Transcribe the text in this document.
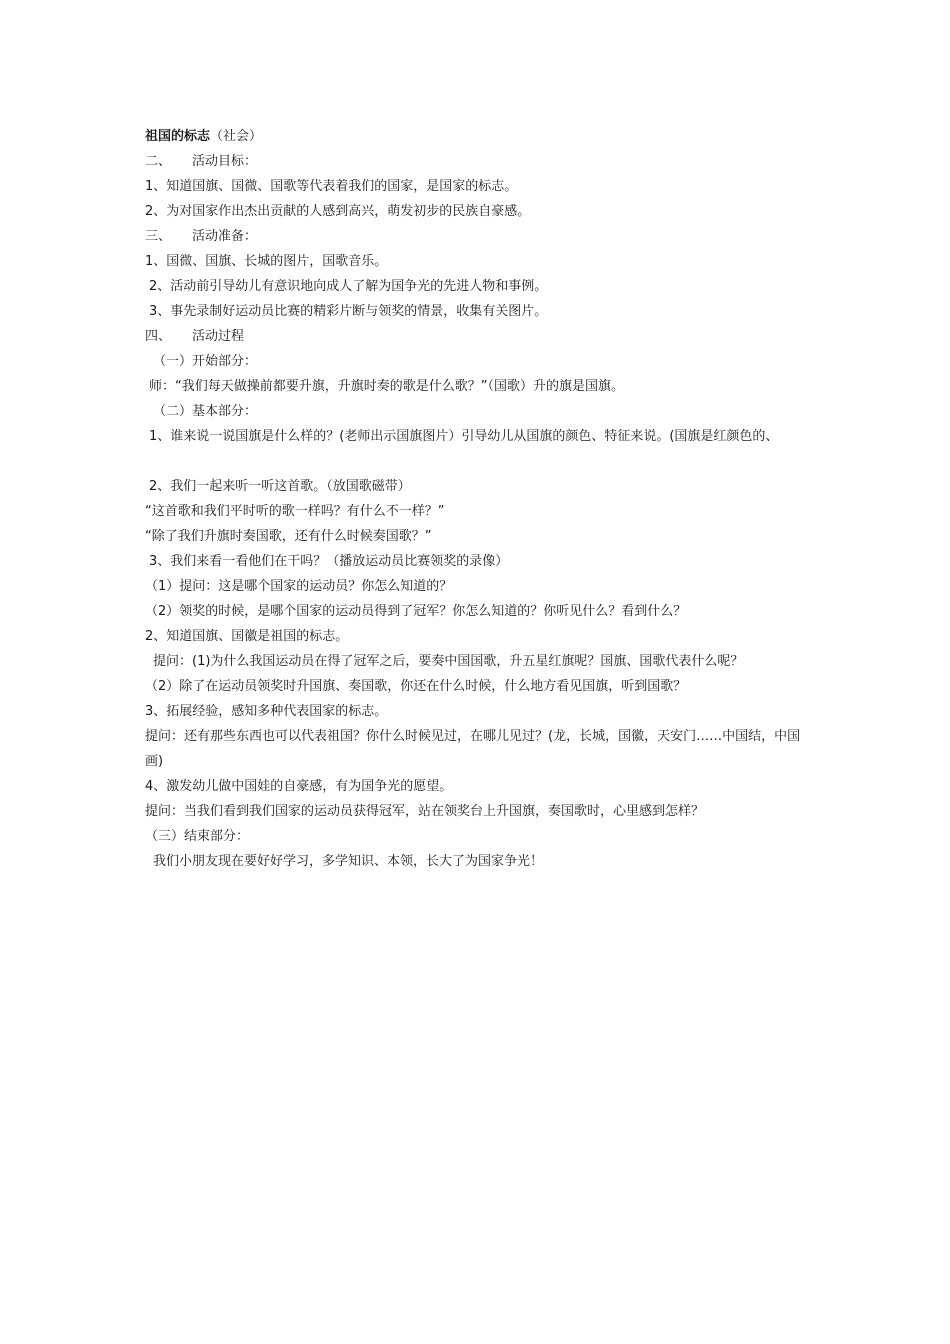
祖国的标志（社会）
二、 活动目标：
1、知道国旗、国微、国歌等代表着我们的国家，是国家的标志。
2、为对国家作出杰出贡献的人感到高兴，萌发初步的民族自豪感。
三、 活动准备：
1、国微、国旗、长城的图片，国歌音乐。
2、活动前引导幼儿有意识地向成人了解为国争光的先进人物和事例。
3、事先录制好运动员比赛的精彩片断与领奖的情景，收集有关图片。
四、 活动过程
（一）开始部分：
师：“我们每天做操前都要升旗，升旗时奏的歌是什么歌？”（国歌）升的旗是国旗。
（二）基本部分：
1、谁来说一说国旗是什么样的？(老师出示国旗图片）引导幼儿从国旗的颜色、特征来说。(国旗是红颜色的、
2、我们一起来听一听这首歌。（放国歌磁带）
“这首歌和我们平时听的歌一样吗？有什么不一样？”
“除了我们升旗时奏国歌，还有什么时候奏国歌？”
3、我们来看一看他们在干吗？（播放运动员比赛领奖的录像）
（1）提问：这是哪个国家的运动员？你怎么知道的？
（2）领奖的时候，是哪个国家的运动员得到了冠军？你怎么知道的？你听见什么？看到什么？
2、知道国旗、国徽是祖国的标志。
提问：(1)为什么我国运动员在得了冠军之后，要奏中国国歌，升五星红旗呢？国旗、国歌代表什么呢？
（2）除了在运动员领奖时升国旗、奏国歌，你还在什么时候，什么地方看见国旗，听到国歌？
3、拓展经验，感知多种代表国家的标志。
提问：还有那些东西也可以代表祖国？你什么时候见过，在哪儿见过？(龙，长城，国徽，天安门……中国结，中国画)
4、激发幼儿做中国娃的自豪感，有为国争光的愿望。
提问：当我们看到我们国家的运动员获得冠军，站在领奖台上升国旗，奏国歌时，心里感到怎样？
（三）结束部分：
我们小朋友现在要好好学习，多学知识、本领，长大了为国家争光！
